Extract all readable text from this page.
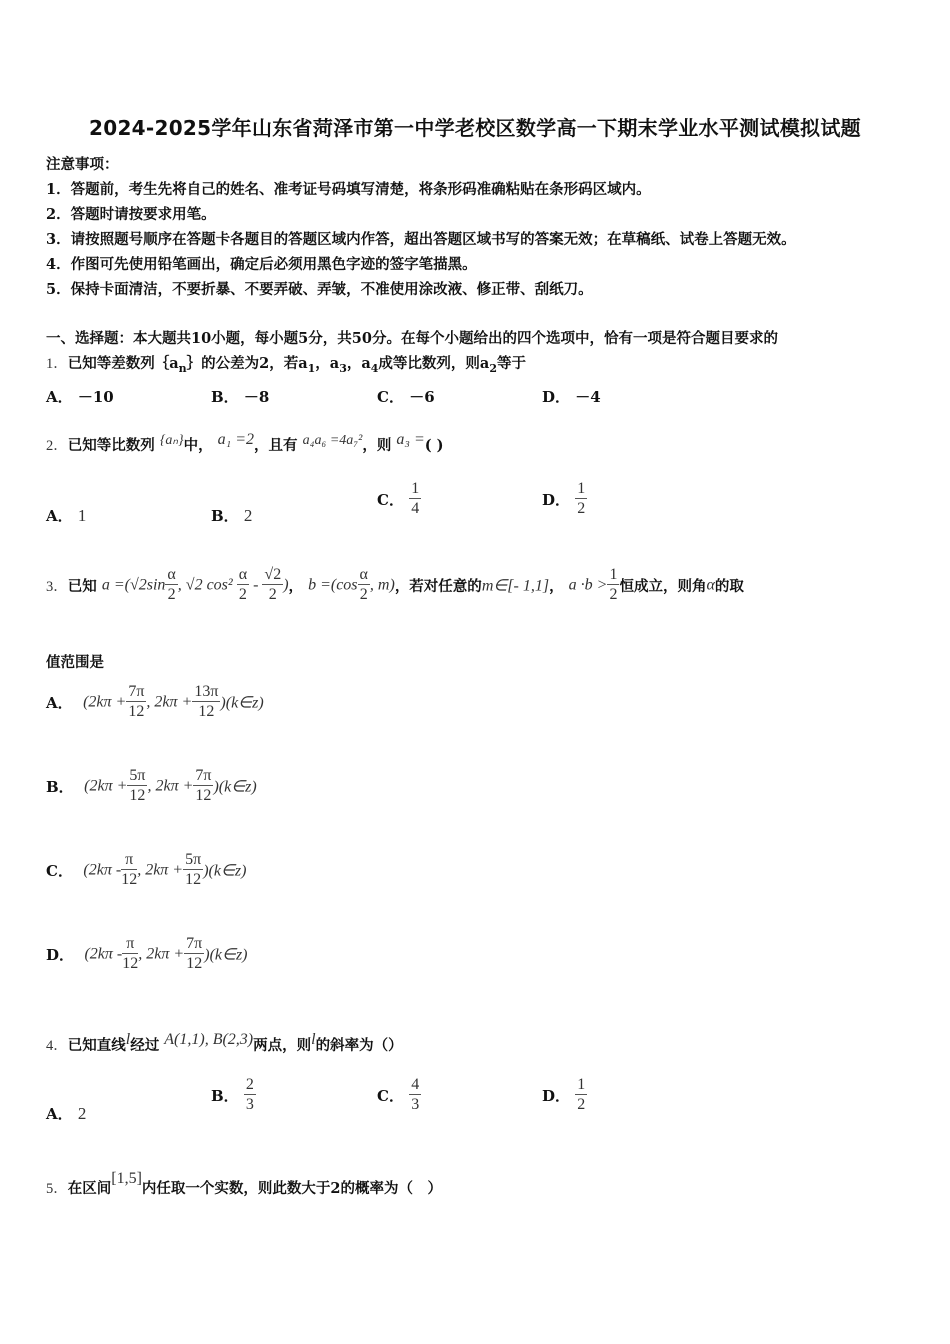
2024-2025学年山东省菏泽市第一中学老校区数学高一下期末学业水平测试模拟试题
注意事项：
1．答题前，考生先将自己的姓名、准考证号码填写清楚，将条形码准确粘贴在条形码区域内。
2．答题时请按要求用笔。
3．请按照题号顺序在答题卡各题目的答题区域内作答，超出答题区域书写的答案无效；在草稿纸、试卷上答题无效。
4．作图可先使用铅笔画出，确定后必须用黑色字迹的签字笔描黑。
5．保持卡面清洁，不要折暴、不要弄破、弄皱，不准使用涂改液、修正带、刮纸刀。
一、选择题：本大题共10小题，每小题5分，共50分。在每个小题给出的四个选项中，恰有一项是符合题目要求的
1．已知等差数列$\{a_n\}$的公差为2，若$a_1$，$a_3$，$a_4$成等比数列，则$a_2$等于
A． －10	B． －8	C． －6	D． －4
2．已知等比数列 {aₙ}中， a₁ =2，且有 a₄a₆ =4a₇²，则 a₃ =( )
A． 1	B． 2
C． $\frac{1}{4}$	D． $\frac{1}{2}$
3．已知 $a =(√2\sin \frac{\alpha}{2}$ , √2 $\cos^2 \frac{\alpha}{2} - \frac{√2}{2}$ )， $b =(\cos \frac{\alpha}{2}$ , m)，若对任意的m∈[- 1,1]， $a \cdot b > \frac{1}{2}$ 恒成立，则角α的取
值范围是
A． ($2k\pi + \frac{7\pi}{12}$ , $2k\pi + \frac{13\pi}{12}$ )(k∈z)
B． ($2k\pi + \frac{5\pi}{12}$ , $2k\pi + \frac{7\pi}{12}$ )(k∈z)
C． ($2k\pi - \frac{\pi}{12}$ , $2k\pi + \frac{5\pi}{12}$ )(k∈z)
D． ($2k\pi - \frac{\pi}{12}$ , $2k\pi + \frac{7\pi}{12}$ )(k∈z)
4．已知直线l经过 A(1,1), B(2,3)两点，则l的斜率为（）
A． 2
B． $\frac{2}{3}$	C． $\frac{4}{3}$	D． $\frac{1}{2}$
5．在区间[1,5]内任取一个实数，则此数大于2的概率为（　）
